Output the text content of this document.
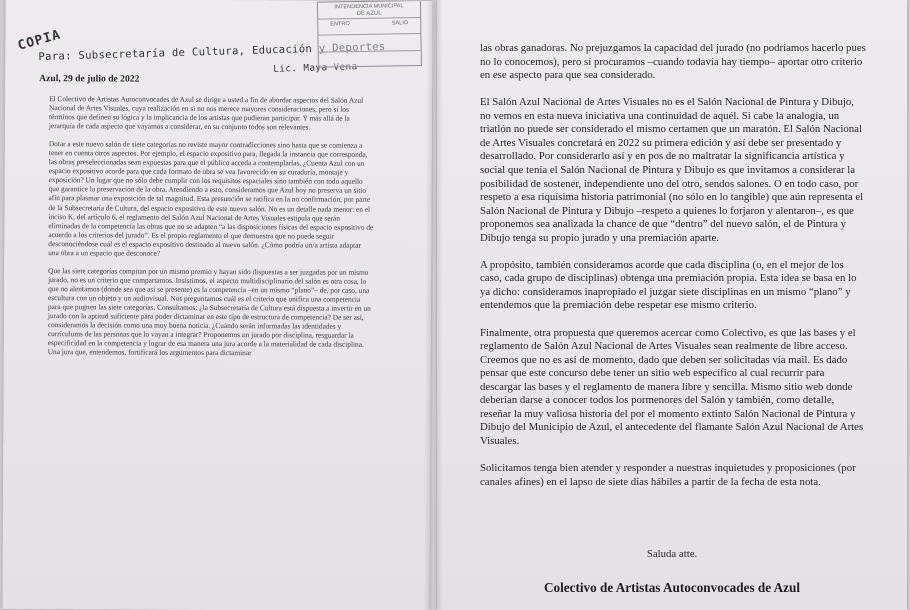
COPIA
Para: Subsecretaría de Cultura, Educación y Deportes
Lic. Maya Vena
INTENDENCIA MUNICIPAL
DE AZUL
ENTRO	SALIO
Azul, 29 de julio de 2022

El Colectivo de Artistas Autoconvocades de Azul se dirige a usted a fin de abordar aspectos del Salón Azul Nacional de Artes Visuales, cuya realización en sí no nos merece mayores consideraciones, pero sí los términos que definen su lógica y la implicancia de los artistas que pudieran participar. Y más allá de la jerarquía de cada aspecto que vayamos a considerar, en su conjunto todos son relevantes.

Dotar a este nuevo salón de siete categorías no reviste mayor contradicciones sino hasta que se comienza a tener en cuenta otros aspectos. Por ejemplo, el espacio expositivo para, llegada la instancia que corresponda, las obras preseleccionadas sean expuestas para que el público acceda a contemplarlas. ¿Cuenta Azul con un espacio expositivo acorde para que cada formato de obra se vea favorecido en su curaduría, montaje y exposición? Un lugar que no sólo debe cumplir con los requisitos espaciales sino también con todo aquello que garantice la preservación de la obra. Atendiendo a esto, consideramos que Azul hoy no preserva un sitio afín para plasmar una exposición de tal magnitud. Esta presunción se ratifica en la no confirmación, por parte de la Subsecretaría de Cultura, del espacio expositivo de este nuevo salón. No es un detalle nada menor: en el inciso K, del artículo 6, el reglamento del Salón Azul Nacional de Artes Visuales estipula que serán eliminadas de la competencia las obras que no se adapten “a las disposiciones físicas del espacio expositivo de acuerdo a los criterios del jurado”. Es el propio reglamento el que demuestra que no puede seguir desconociéndose cuál es el espacio expositivo destinado al nuevo salón. ¿Cómo podría un/a artista adaptar una obra a un espacio que desconoce?

Que las siete categorías compitan por un mismo premio y hayan sido dispuestas a ser juzgadas por un mismo jurado, no es un criterio que compartamos. Insistimos, el aspecto multidisciplinario del salón es otra cosa, lo que no alentamos (donde sea que así se presente) es la competencia –en un mismo “plano”– de, por caso, una escultura con un objeto y un audiovisual. Nos preguntamos cuál es el criterio que unifica una competencia para que pugnen las siete categorías. Consultamos: ¿la Subsecretaría de Cultura está dispuesta a invertir en un jurado con la aptitud suficiente para poder dictaminar en este tipo de estructura de competencia? De ser así, consideramos la decisión como una muy buena noticia. ¿Cuándo serán informadas las identidades y currículums de las personas que lo vayan a integrar? Proponemos un jurado por disciplina, resguardar la especificidad en la competencia y lograr de esa manera una jura acorde a la materialidad de cada disciplina. Una jura que, entendemos, fortificará los argumentos para dictaminar

las obras ganadoras. No prejuzgamos la capacidad del jurado (no podríamos hacerlo pues no lo conocemos), pero sí procuramos –cuando todavía hay tiempo– aportar otro criterio en ese aspecto para que sea considerado.

El Salón Azul Nacional de Artes Visuales no es el Salón Nacional de Pintura y Dibujo, no vemos en esta nueva iniciativa una continuidad de aquél. Si cabe la analogía, un triatlón no puede ser considerado el mismo certamen que un maratón. El Salón Nacional de Artes Visuales concretará en 2022 su primera edición y así debe ser presentado y desarrollado. Por considerarlo así y en pos de no maltratar la significancia artística y social que tenía el Salón Nacional de Pintura y Dibujo es que invitamos a considerar la posibilidad de sostener, independiente uno del otro, sendos salones. O en todo caso, por respeto a esa riquísima historia patrimonial (no sólo en lo tangible) que aún representa el Salón Nacional de Pintura y Dibujo –respeto a quienes lo forjaron y alentaron–, es que proponemos sea analizada la chance de que “dentro” del nuevo salón, el de Pintura y Dibujo tenga su propio jurado y una premiación aparte.

A propósito, también consideramos acorde que cada disciplina (o, en el mejor de los caso, cada grupo de disciplinas) obtenga una premiación propia. Esta idea se basa en lo ya dicho: consideramos inapropiado el juzgar siete disciplinas en un mismo “plano” y entendemos que la premiación debe respetar ese mismo criterio.

Finalmente, otra propuesta que queremos acercar como Colectivo, es que las bases y el reglamento de Salón Azul Nacional de Artes Visuales sean realmente de libre acceso. Creemos que no es así de momento, dado que deben ser solicitadas vía mail. Es dado pensar que este concurso debe tener un sitio web específico al cual recurrir para descargar las bases y el reglamento de manera libre y sencilla. Mismo sitio web donde deberían darse a conocer todos los pormenores del Salón y también, como detalle, reseñar la muy valiosa historia del por el momento extinto Salón Nacional de Pintura y Dibujo del Municipio de Azul, el antecedente del flamante Salón Azul Nacional de Artes Visuales.

Solicitamos tenga bien atender y responder a nuestras inquietudes y proposiciones (por canales afines) en el lapso de siete días hábiles a partir de la fecha de esta nota.

Saluda atte.
Colectivo de Artistas Autoconvocades de Azul
